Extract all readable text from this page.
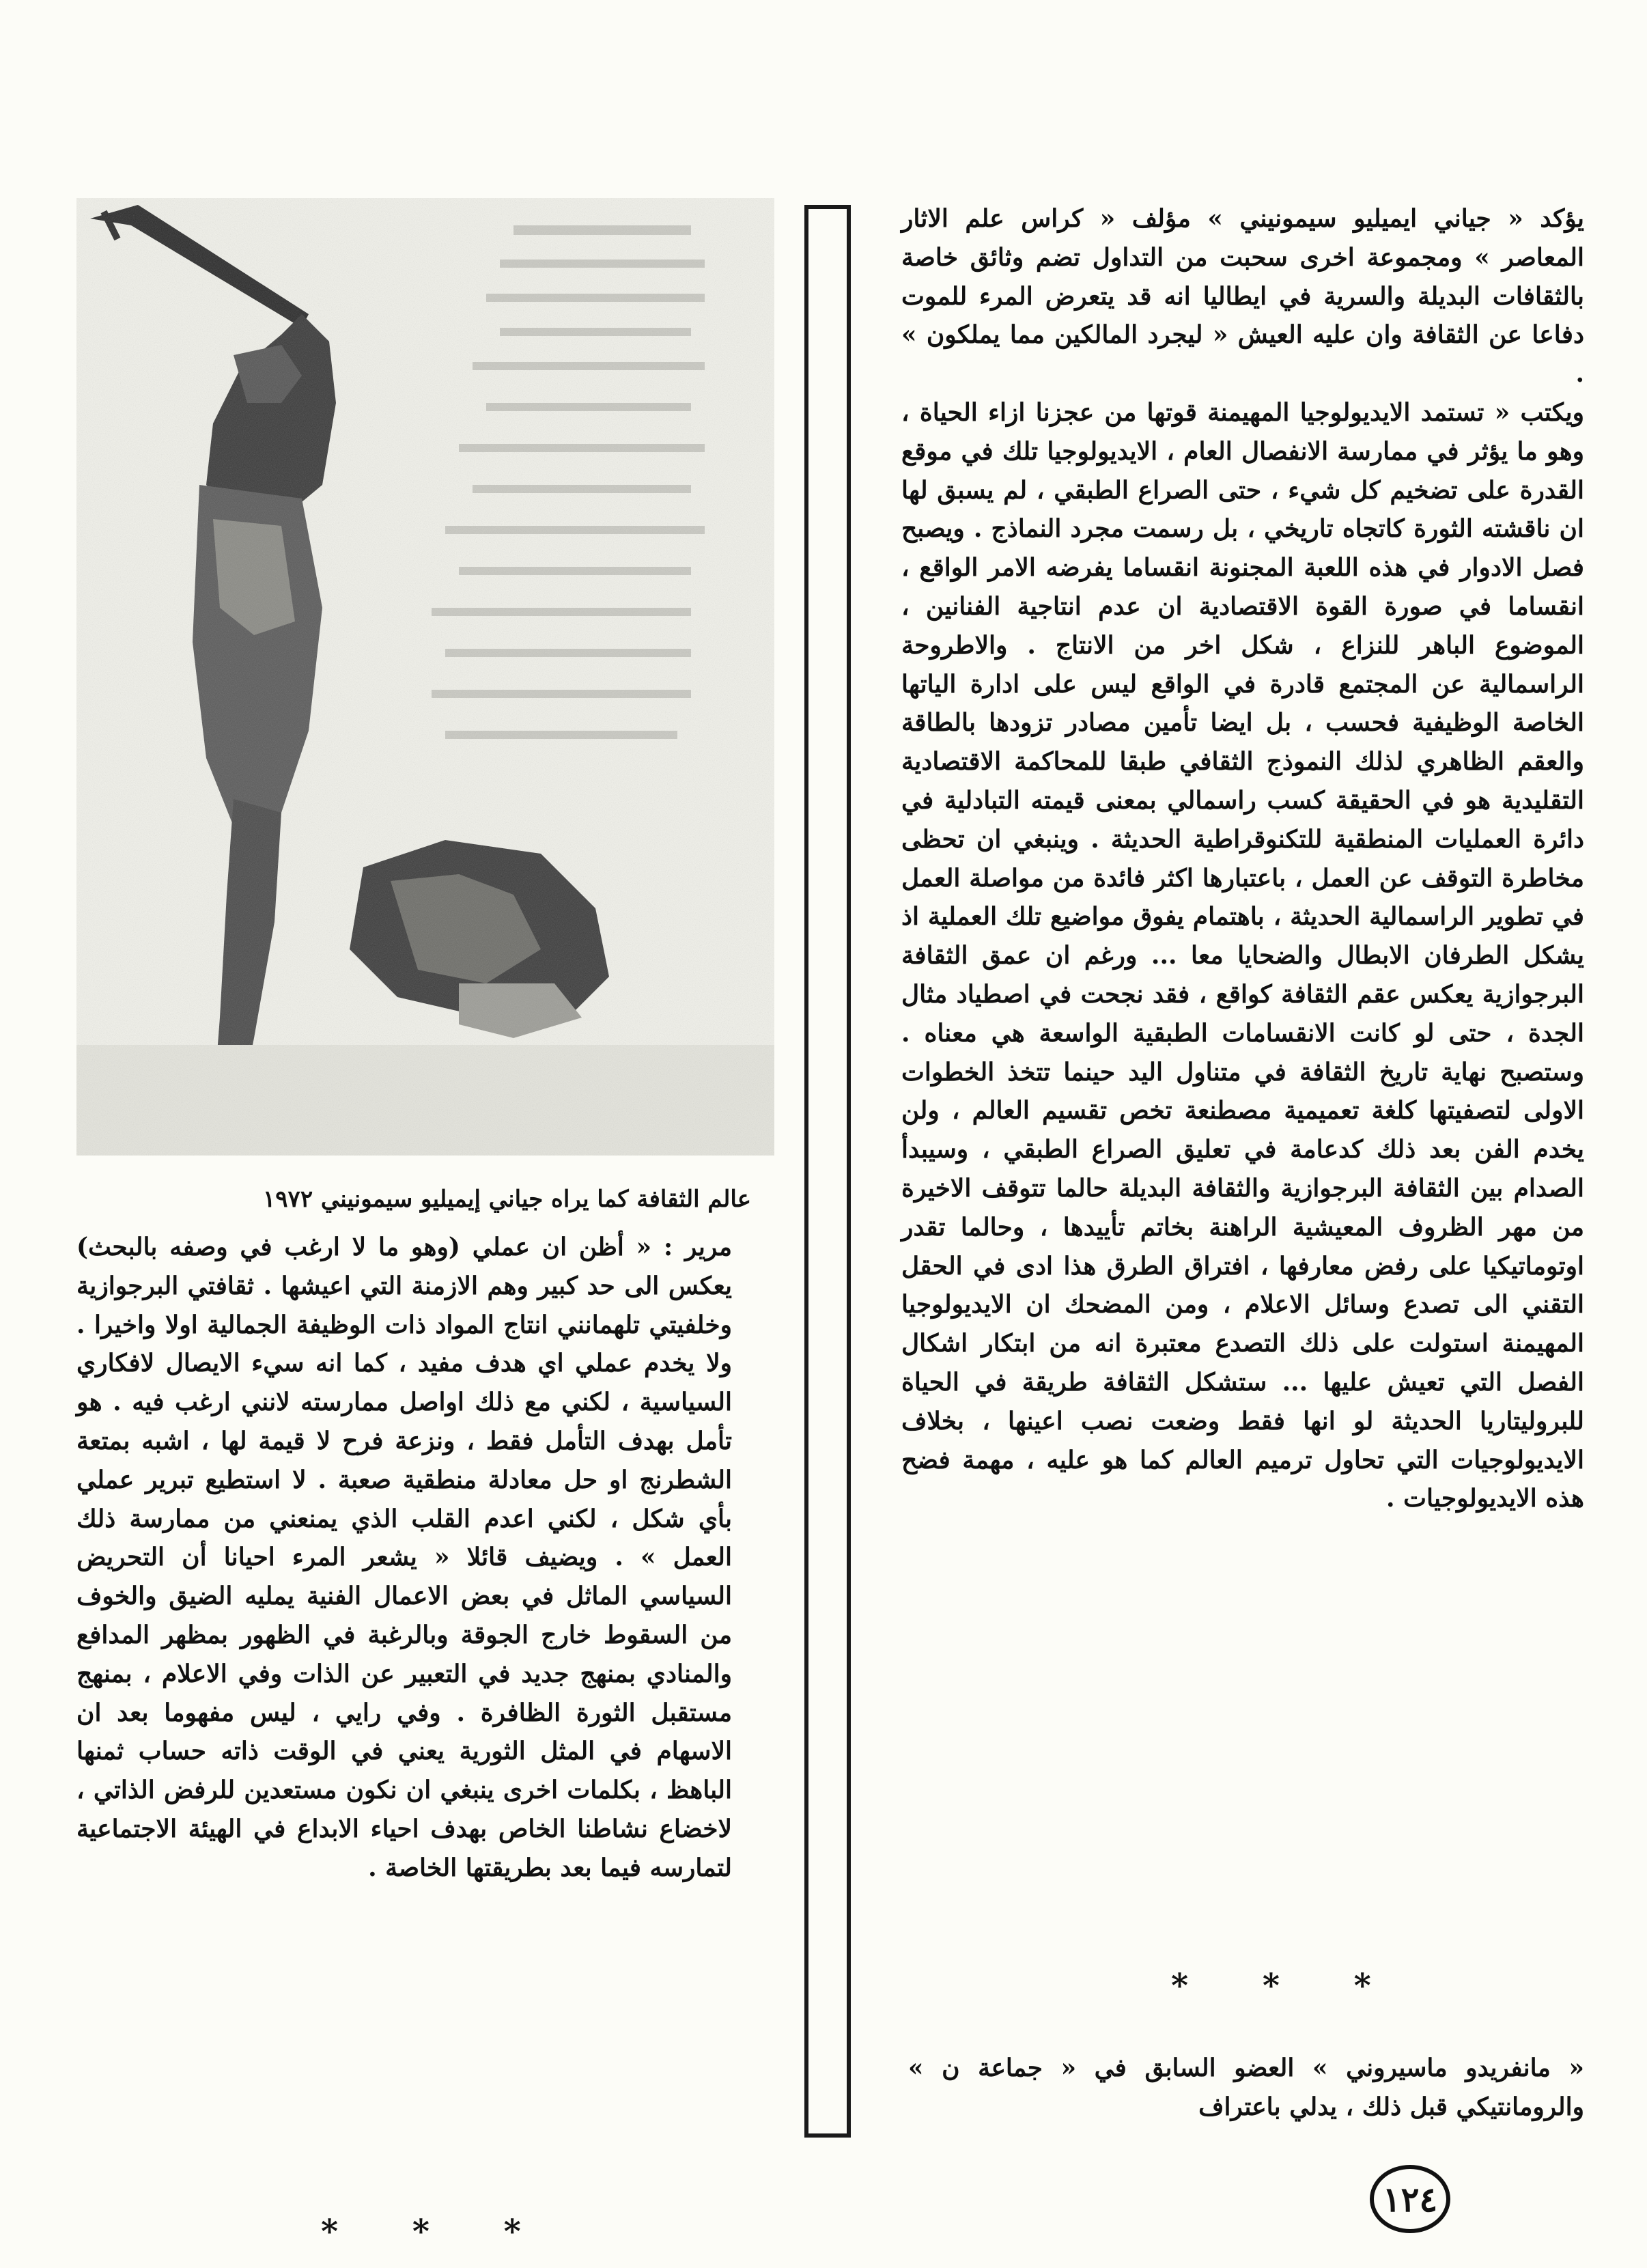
يؤكد « جياني ايميليو سيمونيني » مؤلف « كراس علم الاثار المعاصر » ومجموعة اخرى سحبت من التداول تضم وثائق خاصة بالثقافات البديلة والسرية في ايطاليا انه قد يتعرض المرء للموت دفاعا عن الثقافة وان عليه العيش « ليجرد المالكين مما يملكون » .

ويكتب « تستمد الايديولوجيا المهيمنة قوتها من عجزنا ازاء الحياة ، وهو ما يؤثر في ممارسة الانفصال العام ، الايديولوجيا تلك في موقع القدرة على تضخيم كل شيء ، حتى الصراع الطبقي ، لم يسبق لها ان ناقشته الثورة كاتجاه تاريخي ، بل رسمت مجرد النماذج . ويصبح فصل الادوار في هذه اللعبة المجنونة انقساما يفرضه الامر الواقع ، انقساما في صورة القوة الاقتصادية ان عدم انتاجية الفنانين ، الموضوع الباهر للنزاع ، شكل اخر من الانتاج . والاطروحة الراسمالية عن المجتمع قادرة في الواقع ليس على ادارة الياتها الخاصة الوظيفية فحسب ، بل ايضا تأمين مصادر تزودها بالطاقة والعقم الظاهري لذلك النموذج الثقافي طبقا للمحاكمة الاقتصادية التقليدية هو في الحقيقة كسب راسمالي بمعنى قيمته التبادلية في دائرة العمليات المنطقية للتكنوقراطية الحديثة . وينبغي ان تحظى مخاطرة التوقف عن العمل ، باعتبارها اكثر فائدة من مواصلة العمل في تطوير الراسمالية الحديثة ، باهتمام يفوق مواضيع تلك العملية اذ يشكل الطرفان الابطال والضحايا معا ... ورغم ان عمق الثقافة البرجوازية يعكس عقم الثقافة كواقع ، فقد نجحت في اصطياد مثال الجدة ، حتى لو كانت الانقسامات الطبقية الواسعة هي معناه . وستصبح نهاية تاريخ الثقافة في متناول اليد حينما تتخذ الخطوات الاولى لتصفيتها كلغة تعميمية مصطنعة تخص تقسيم العالم ، ولن يخدم الفن بعد ذلك كدعامة في تعليق الصراع الطبقي ، وسيبدأ الصدام بين الثقافة البرجوازية والثقافة البديلة حالما تتوقف الاخيرة من مهر الظروف المعيشية الراهنة بخاتم تأييدها ، وحالما تقدر اوتوماتيكيا على رفض معارفها ، افتراق الطرق هذا ادى في الحقل التقني الى تصدع وسائل الاعلام ، ومن المضحك ان الايديولوجيا المهيمنة استولت على ذلك التصدع معتبرة انه من ابتكار اشكال الفصل التي تعيش عليها ... ستشكل الثقافة طريقة في الحياة للبروليتاريا الحديثة لو انها فقط وضعت نصب اعينها ، بخلاف الايديولوجيات التي تحاول ترميم العالم كما هو عليه ، مهمة فضح هذه الايديولوجيات .

* * *
« مانفريدو ماسيروني » العضو السابق في « جماعة ن » والرومانتيكي قبل ذلك ، يدلي باعتراف
عالم الثقافة كما يراه جياني إيميليو سيمونيني ١٩٧٢

مرير : « أظن ان عملي (وهو ما لا ارغب في وصفه بالبحث) يعكس الى حد كبير وهم الازمنة التي اعيشها . ثقافتي البرجوازية وخلفيتي تلهمانني انتاج المواد ذات الوظيفة الجمالية اولا واخيرا . ولا يخدم عملي اي هدف مفيد ، كما انه سيء الايصال لافكاري السياسية ، لكني مع ذلك اواصل ممارسته لانني ارغب فيه . هو تأمل بهدف التأمل فقط ، ونزعة فرح لا قيمة لها ، اشبه بمتعة الشطرنج او حل معادلة منطقية صعبة . لا استطيع تبرير عملي بأي شكل ، لكني اعدم القلب الذي يمنعني من ممارسة ذلك العمل » . ويضيف قائلا « يشعر المرء احيانا أن التحريض السياسي الماثل في بعض الاعمال الفنية يمليه الضيق والخوف من السقوط خارج الجوقة وبالرغبة في الظهور بمظهر المدافع والمنادي بمنهج جديد في التعبير عن الذات وفي الاعلام ، بمنهج مستقبل الثورة الظافرة . وفي رايي ، ليس مفهوما بعد ان الاسهام في المثل الثورية يعني في الوقت ذاته حساب ثمنها الباهظ ، بكلمات اخرى ينبغي ان نكون مستعدين للرفض الذاتي ، لاخضاع نشاطنا الخاص بهدف احياء الابداع في الهيئة الاجتماعية لتمارسه فيما بعد بطريقتها الخاصة .

* * *
١٢٤
